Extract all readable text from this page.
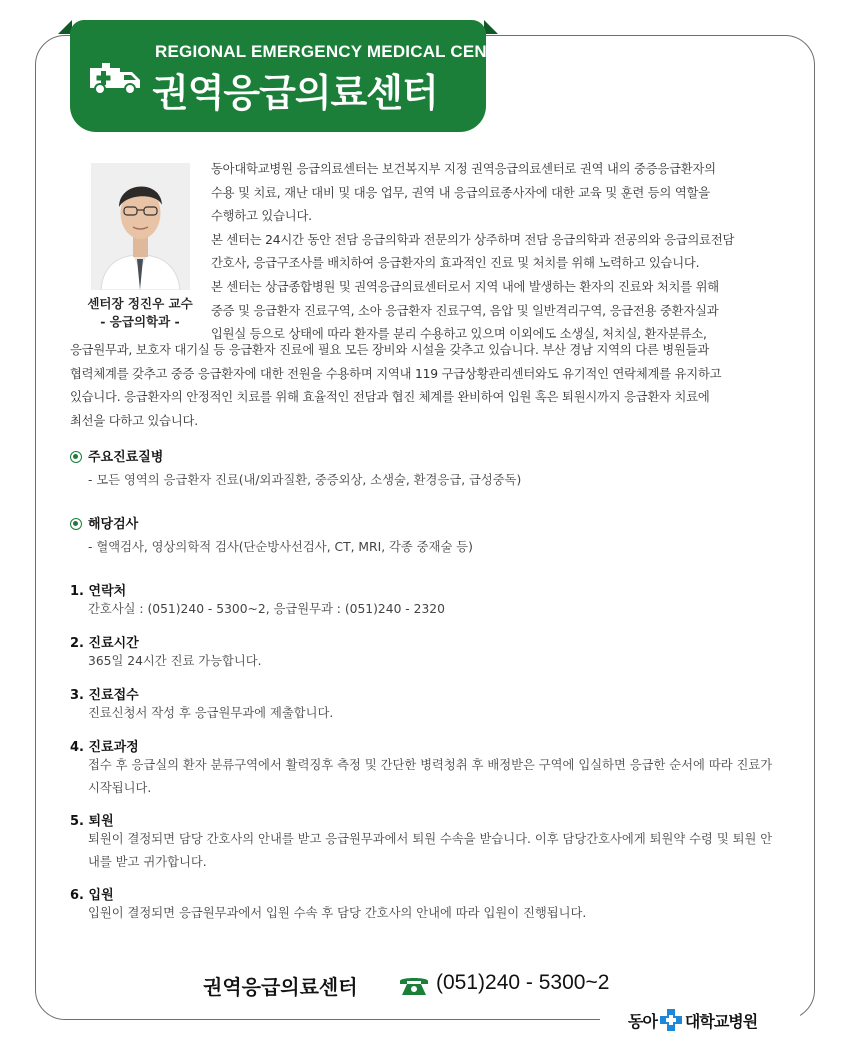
REGIONAL EMERGENCY MEDICAL CENTER
권역응급의료센터
센터장 정진우 교수
- 응급의학과 -
동아대학교병원 응급의료센터는 보건복지부 지정 권역응급의료센터로 권역 내의 중증응급환자의
수용 및 치료, 재난 대비 및 대응 업무, 권역 내 응급의료종사자에 대한 교육 및 훈련 등의 역할을
수행하고 있습니다.
본 센터는 24시간 동안 전담 응급의학과 전문의가 상주하며 전담 응급의학과 전공의와 응급의료전담
간호사, 응급구조사를 배치하여 응급환자의 효과적인 진료 및 처치를 위해 노력하고 있습니다.
본 센터는 상급종합병원 및 권역응급의료센터로서 지역 내에 발생하는 환자의 진료와 처치를 위해
중증 및 응급환자 진료구역, 소아 응급환자 진료구역, 음압 및 일반격리구역, 응급전용 중환자실과
입원실 등으로 상태에 따라 환자를 분리 수용하고 있으며 이외에도 소생실, 처치실, 환자분류소,
응급원무과, 보호자 대기실 등 응급환자 진료에 필요 모든 장비와 시설을 갖추고 있습니다. 부산 경남 지역의 다른 병원들과
협력체계를 갖추고 중증 응급환자에 대한 전원을 수용하며 지역내 119 구급상황관리센터와도 유기적인 연락체계를 유지하고
있습니다. 응급환자의 안정적인 치료를 위해 효율적인 전담과 협진 체계를 완비하여 입원 혹은 퇴원시까지 응급환자 치료에
최선을 다하고 있습니다.
주요진료질병
- 모든 영역의 응급환자 진료(내/외과질환, 중증외상, 소생술, 환경응급, 급성중독)
해당검사
- 혈액검사, 영상의학적 검사(단순방사선검사, CT, MRI, 각종 중재술 등)
1. 연락처
간호사실 : (051)240 - 5300~2, 응급원무과 : (051)240 - 2320
2. 진료시간
365일 24시간 진료 가능합니다.
3. 진료접수
진료신청서 작성 후 응급원무과에 제출합니다.
4. 진료과정
접수 후 응급실의 환자 분류구역에서 활력징후 측정 및 간단한 병력청취 후 배정받은 구역에 입실하면 응급한 순서에 따라 진료가 시작됩니다.
5. 퇴원
퇴원이 결정되면 담당 간호사의 안내를 받고 응급원무과에서 퇴원 수속을 받습니다. 이후 담당간호사에게 퇴원약 수령 및 퇴원 안내를 받고 귀가합니다.
6. 입원
입원이 결정되면 응급원무과에서 입원 수속 후 담당 간호사의 안내에 따라 입원이 진행됩니다.
권역응급의료센터	(051)240 - 5300~2
동아 대학교병원
